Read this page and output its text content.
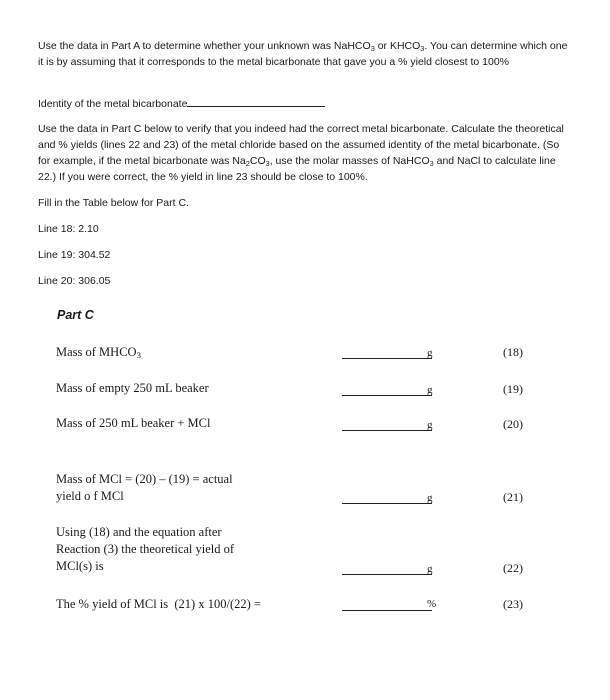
Use the data in Part A to determine whether your unknown was NaHCO$_3$ or $KHCO_3$. You can determine which one it is by assuming that it corresponds to the metal bicarbonate that gave you a % yield closest to 100%
Identity of the metal bicarbonate
Use the data in Part C below to verify that you indeed had the correct metal bicarbonate. Calculate the theoretical and % yields (lines 22 and 23) of the metal chloride based on the assumed identity of the metal bicarbonate. (So for example, if the metal bicarbonate was $Na_2CO_3$, use the molar masses of NaHCO$_3$ and NaCl to calculate line 22.) If you were correct, the % yield in line 23 should be close to 100%.
Fill in the Table below for Part C.
Line 18: 2.10
Line 19: 304.52
Line 20: 306.05
Part C
Mass of $MHCO_3$	g	(18)
Mass of empty 250 mL beaker	g	(19)
Mass of 250 mL beaker + MCl	g	(20)
Mass of MCl = (20) – (19) = actual
yield o f MCl	g	(21)
Using (18) and the equation after
Reaction (3) the theoretical yield of
MCl(s) is	g	(22)
The % yield of MCl is  (21) x 100/(22) =	%	(23)
